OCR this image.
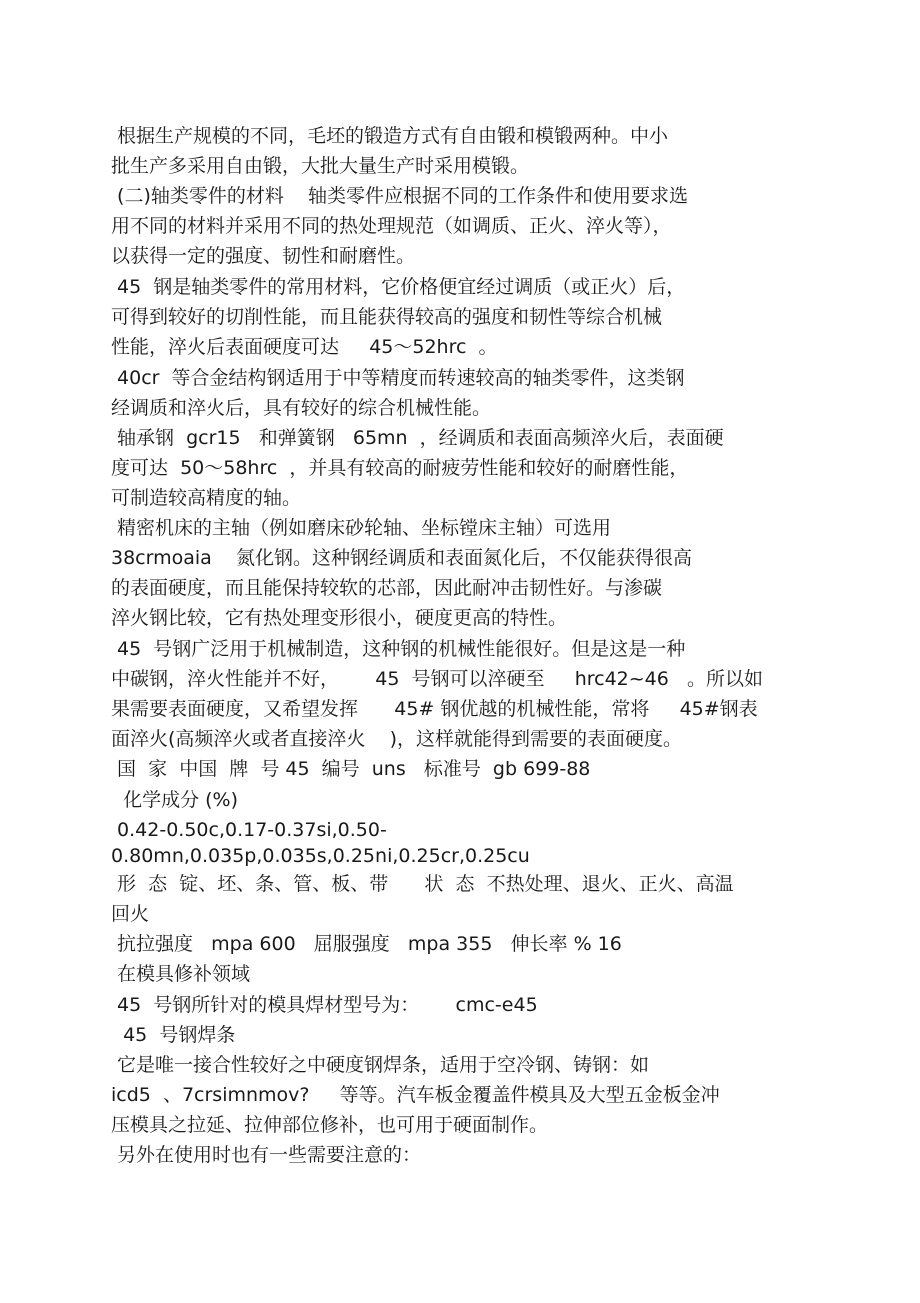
根据生产规模的不同，毛坯的锻造方式有自由锻和模锻两种。中小
批生产多采用自由锻，大批大量生产时采用模锻。
(二)轴类零件的材料    轴类零件应根据不同的工作条件和使用要求选
用不同的材料并采用不同的热处理规范（如调质、正火、淬火等），
以获得一定的强度、韧性和耐磨性。
45  钢是轴类零件的常用材料，它价格便宜经过调质（或正火）后，
可得到较好的切削性能，而且能获得较高的强度和韧性等综合机械
性能，淬火后表面硬度可达     45～52hrc  。
40cr  等合金结构钢适用于中等精度而转速较高的轴类零件，这类钢
经调质和淬火后，具有较好的综合机械性能。
轴承钢  gcr15   和弹簧钢   65mn  ，经调质和表面高频淬火后，表面硬
度可达  50～58hrc  ，并具有较高的耐疲劳性能和较好的耐磨性能，
可制造较高精度的轴。
精密机床的主轴（例如磨床砂轮轴、坐标镗床主轴）可选用
38crmoaia    氮化钢。这种钢经调质和表面氮化后，不仅能获得很高
的表面硬度，而且能保持较软的芯部，因此耐冲击韧性好。与渗碳
淬火钢比较，它有热处理变形很小，硬度更高的特性。
45  号钢广泛用于机械制造，这种钢的机械性能很好。但是这是一种
中碳钢，淬火性能并不好，      45  号钢可以淬硬至     hrc42~46   。所以如
果需要表面硬度，又希望发挥      45# 钢优越的机械性能，常将     45#钢表
面淬火(高频淬火或者直接淬火    )，这样就能得到需要的表面硬度。
国  家  中国  牌  号 45  编号  uns   标准号  gb 699-88
化学成分 (%)
0.42-0.50c,0.17-0.37si,0.50-
0.80mn,0.035p,0.035s,0.25ni,0.25cr,0.25cu
形  态  锭、坯、条、管、板、带      状  态  不热处理、退火、正火、高温
回火
抗拉强度   mpa 600   屈服强度   mpa 355   伸长率 % 16
在模具修补领域
45  号钢所针对的模具焊材型号为：      cmc-e45
45  号钢焊条
它是唯一接合性较好之中硬度钢焊条，适用于空冷钢、铸钢：如
icd5  、7crsimnmov?     等等。汽车板金覆盖件模具及大型五金板金冲
压模具之拉延、拉伸部位修补，也可用于硬面制作。
另外在使用时也有一些需要注意的：
